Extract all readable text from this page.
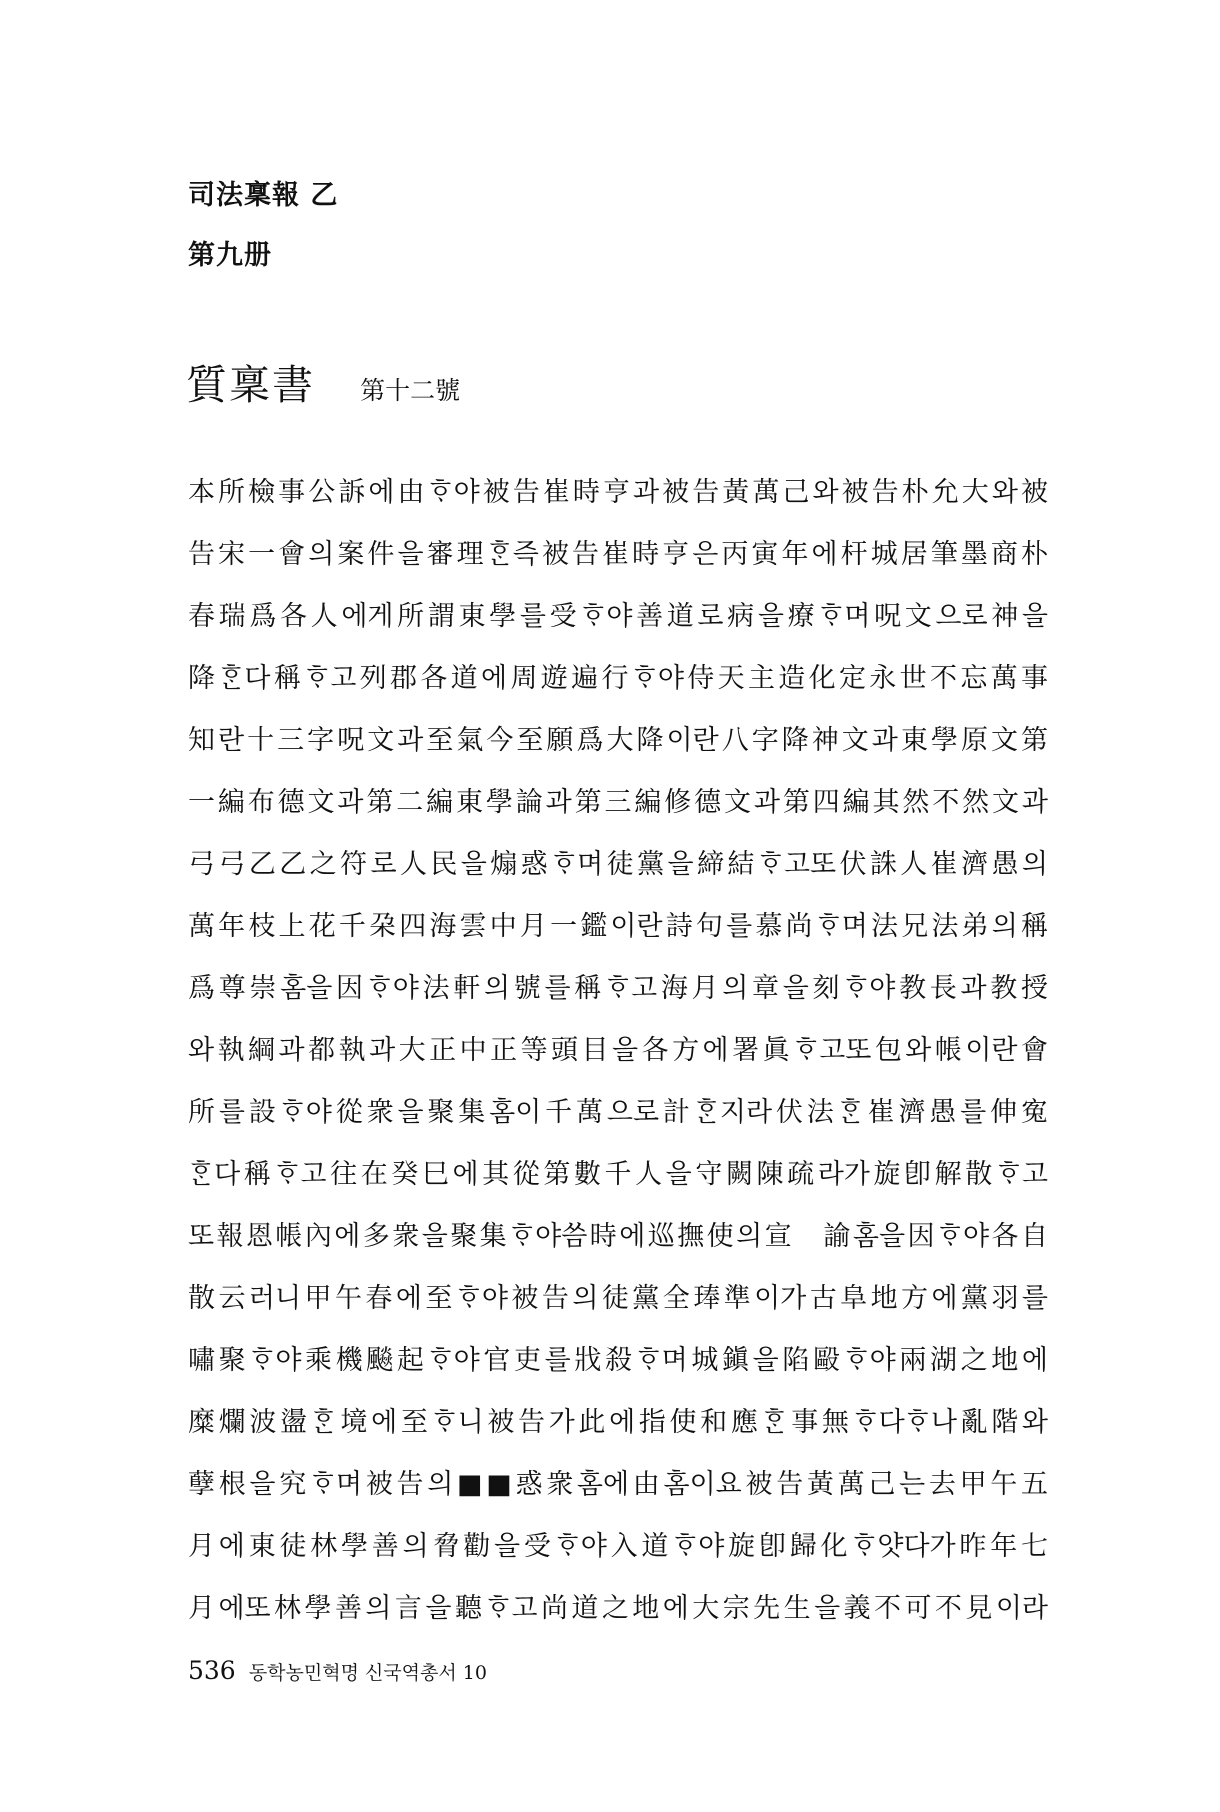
司法稟報 乙
第九册
質稟書 第十二號
本所檢事公訴에由ᄒᆞ야被告崔時亨과被告黃萬己와被告朴允大와被
告宋一會의案件을審理ᄒᆞᆫ즉被告崔時亨은丙寅年에杆城居筆墨商朴
春瑞爲各人에게所謂東學를受ᄒᆞ야善道로病을療ᄒᆞ며呪文으로神을
降ᄒᆞᆫ다稱ᄒᆞ고列郡各道에周遊遍行ᄒᆞ야侍天主造化定永世不忘萬事
知란十三字呪文과至氣今至願爲大降이란八字降神文과東學原文第
一編布德文과第二編東學論과第三編修德文과第四編其然不然文과
弓弓乙乙之符로人民을煽惑ᄒᆞ며徒黨을締結ᄒᆞ고또伏誅人崔濟愚의
萬年枝上花千朶四海雲中月一鑑이란詩句를慕尚ᄒᆞ며法兄法弟의稱
爲尊崇홈을因ᄒᆞ야法軒의號를稱ᄒᆞ고海月의章을刻ᄒᆞ야教長과教授
와執綱과都執과大正中正等頭目을各方에署眞ᄒᆞ고또包와帳이란會
所를設ᄒᆞ야從衆을聚集홈이千萬으로計ᄒᆞᆫ지라伏法ᄒᆞᆫ崔濟愚를伸寃
ᄒᆞᆫ다稱ᄒᆞ고往在癸巳에其從第數千人을守闕陳疏라가旋卽解散ᄒᆞ고
또報恩帳內에多衆을聚集ᄒᆞ야씀時에巡撫使의宣　諭홈을因ᄒᆞ야各自
散云러니甲午春에至ᄒᆞ야被告의徒黨全琫準이가古阜地方에黨羽를
嘯聚ᄒᆞ야乘機飈起ᄒᆞ야官吏를戕殺ᄒᆞ며城鎭을陷毆ᄒᆞ야兩湖之地에
糜爛波盪ᄒᆞᆫ境에至ᄒᆞ니被告가此에指使和應ᄒᆞᆫ事無ᄒᆞ다ᄒᆞ나亂階와
孽根을究ᄒᆞ며被告의■■惑衆홈에由홈이요被告黃萬己는去甲午五
月에東徒林學善의脅勸을受ᄒᆞ야入道ᄒᆞ야旋卽歸化ᄒᆞ얏다가昨年七
月에또林學善의言을聽ᄒᆞ고尚道之地에大宗先生을義不可不見이라
536 동학농민혁명 신국역총서 10
